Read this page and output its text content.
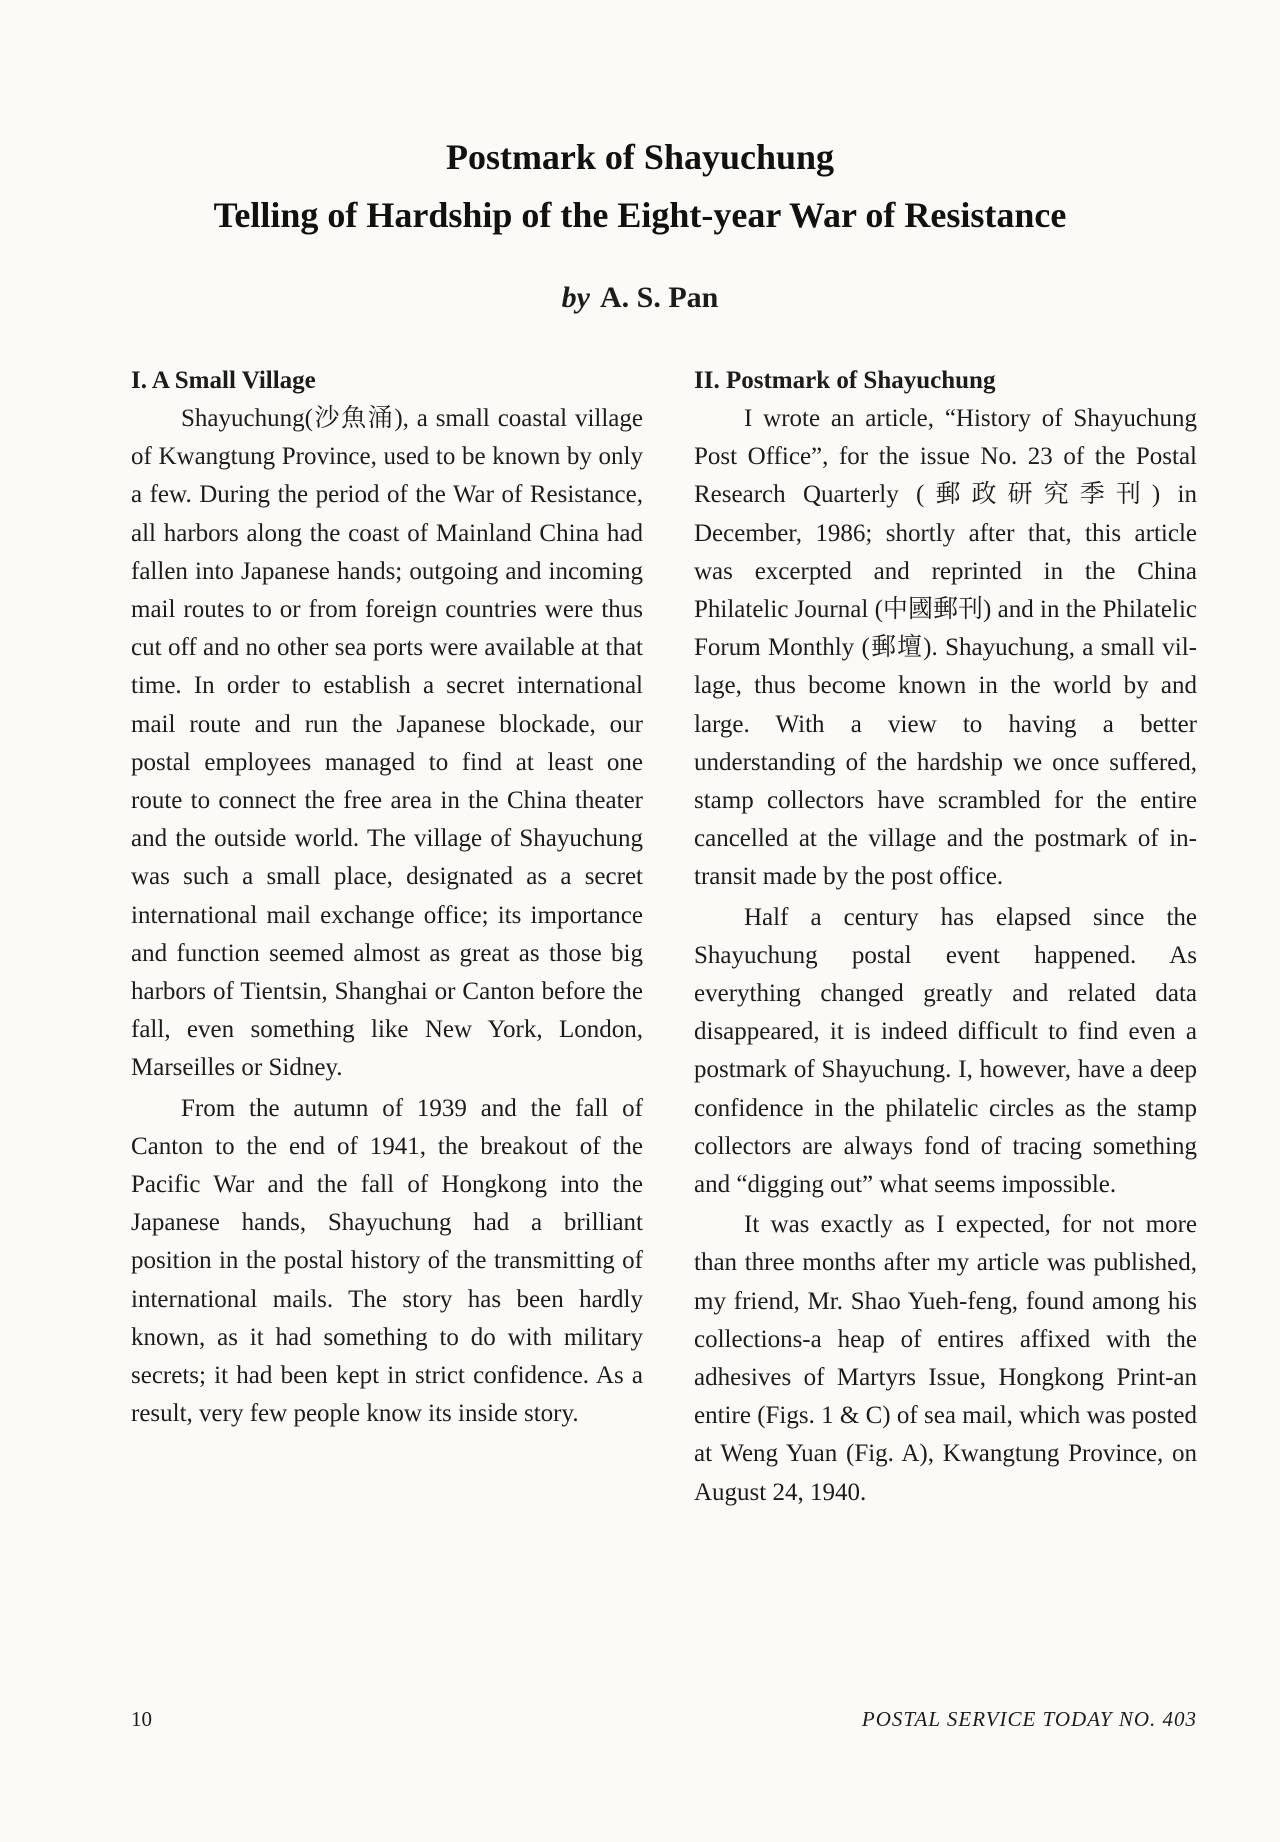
Postmark of Shayuchung
Telling of Hardship of the Eight-year War of Resistance
by A. S. Pan
I. A Small Village

Shayuchung(沙魚涌), a small coastal village of Kwangtung Province, used to be known by only a few. During the period of the War of Resistance, all harbors along the coast of Mainland China had fallen into Japanese hands; outgoing and incoming mail routes to or from foreign countries were thus cut off and no other sea ports were available at that time. In order to establish a secret international mail route and run the Japanese blockade, our postal employees managed to find at least one route to connect the free area in the China theater and the outside world. The village of Shayuchung was such a small place, designated as a secret international mail exchange office; its importance and function seemed almost as great as those big harbors of Tientsin, Shanghai or Canton before the fall, even something like New York, London, Marseilles or Sidney.

From the autumn of 1939 and the fall of Canton to the end of 1941, the breakout of the Pacific War and the fall of Hongkong into the Japanese hands, Shayuchung had a brilliant position in the postal history of the transmitting of international mails. The story has been hardly known, as it had something to do with military secrets; it had been kept in strict confidence. As a result, very few people know its inside story.

II. Postmark of Shayuchung

I wrote an article, “History of Shayuchung Post Office”, for the issue No. 23 of the Postal Research Quarterly (郵政研究季刊) in December, 1986; shortly after that, this article was excerpted and reprinted in the China Philatelic Journal (中國郵刊) and in the Philatelic Forum Monthly (郵壇). Shayuchung, a small village, thus become known in the world by and large. With a view to having a better understanding of the hardship we once suffered, stamp collectors have scrambled for the entire cancelled at the village and the postmark of in-transit made by the post office.

Half a century has elapsed since the Shayuchung postal event happened. As everything changed greatly and related data disappeared, it is indeed difficult to find even a postmark of Shayuchung. I, however, have a deep confidence in the philatelic circles as the stamp collectors are always fond of tracing something and “digging out” what seems impossible.

It was exactly as I expected, for not more than three months after my article was published, my friend, Mr. Shao Yueh-feng, found among his collections-a heap of entires affixed with the adhesives of Martyrs Issue, Hongkong Print-an entire (Figs. 1 & C) of sea mail, which was posted at Weng Yuan (Fig. A), Kwangtung Province, on August 24, 1940.

10	POSTAL SERVICE TODAY NO. 403
